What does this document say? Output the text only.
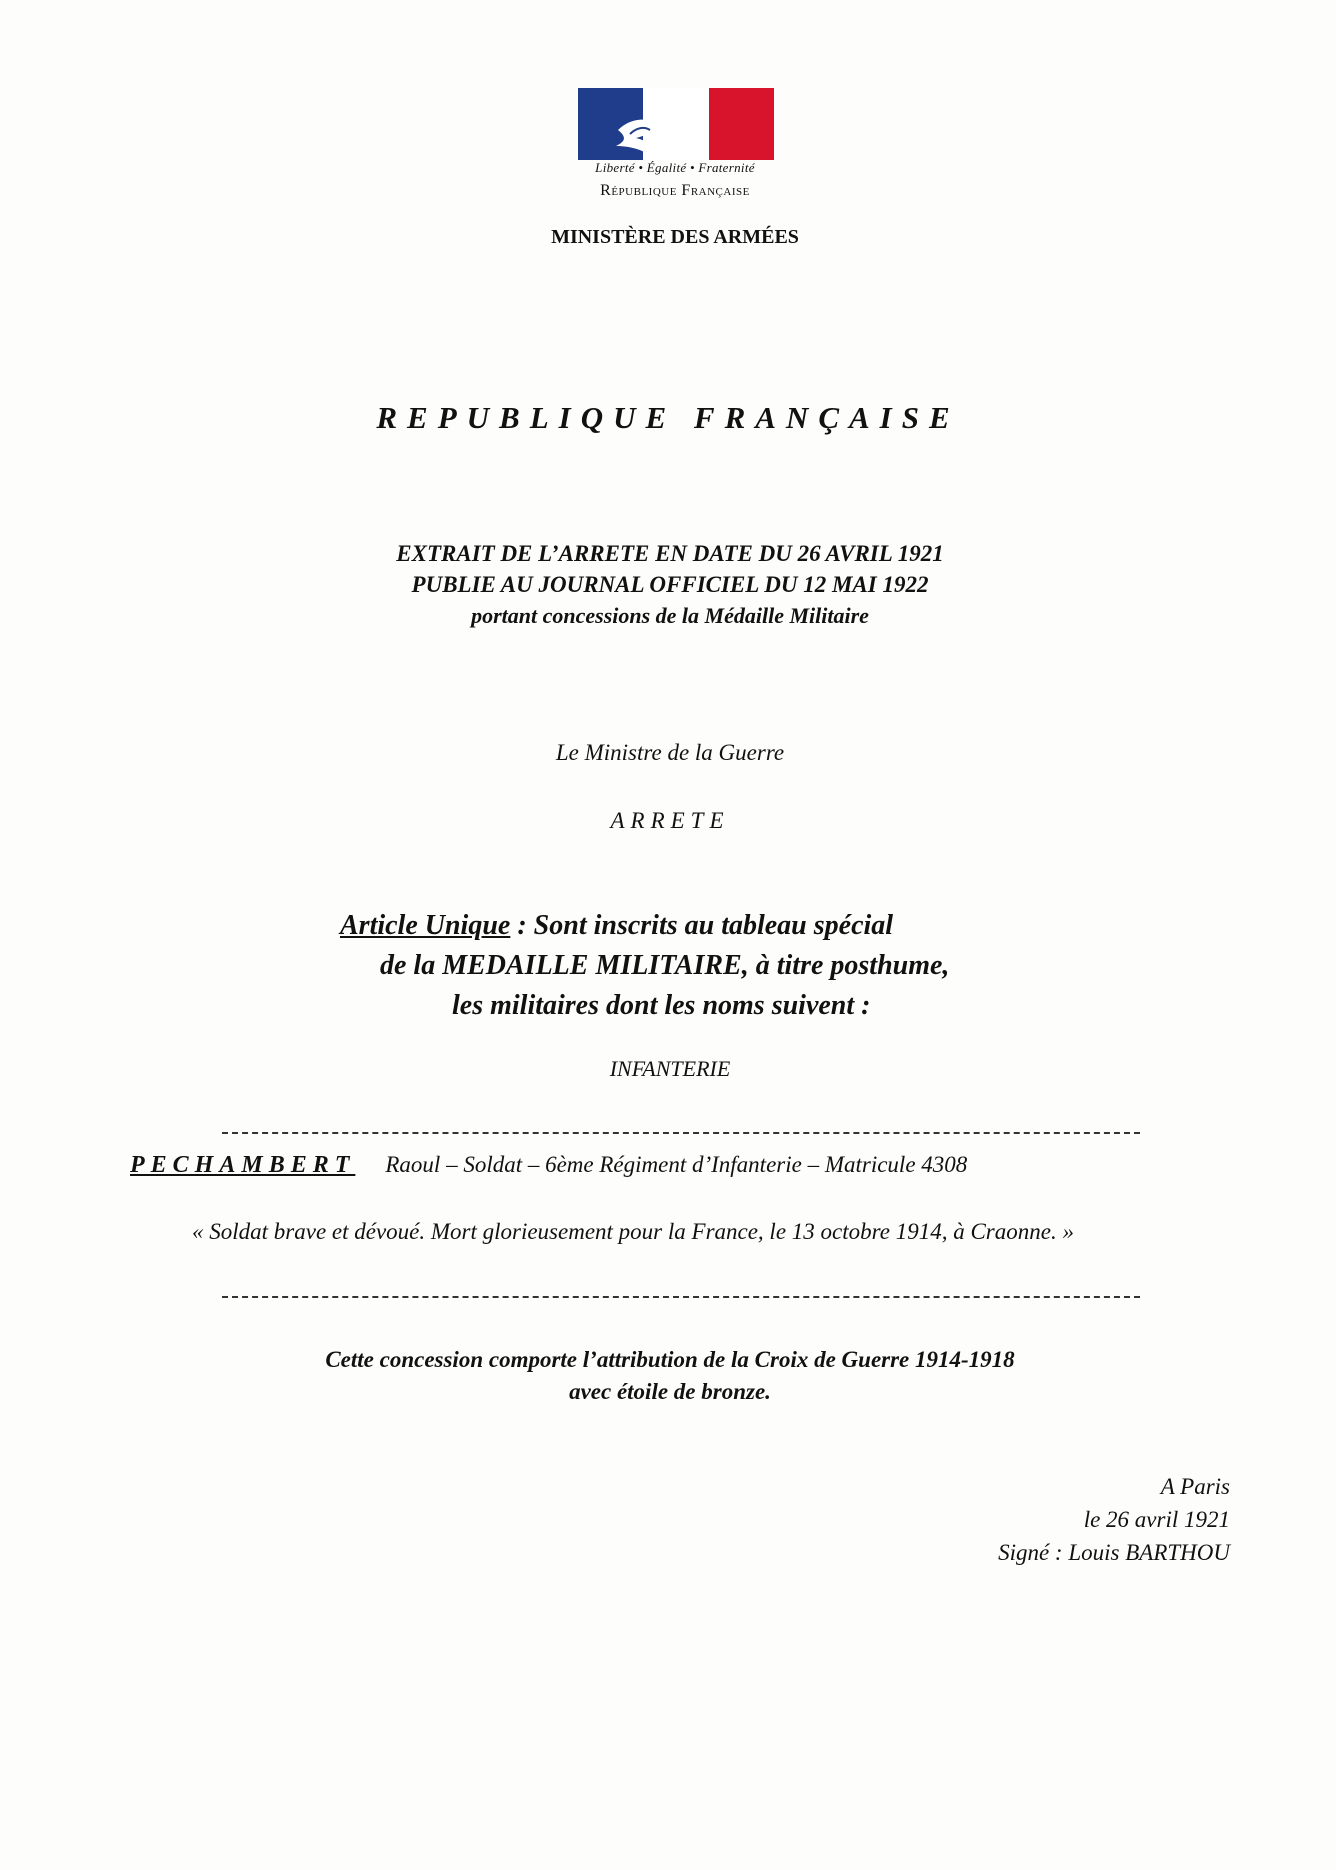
Liberté • Égalité • Fraternité
République Française
MINISTÈRE DES ARMÉES
REPUBLIQUE FRANÇAISE
EXTRAIT DE L’ARRETE EN DATE DU 26 AVRIL 1921
PUBLIE AU JOURNAL OFFICIEL DU 12 MAI 1922
portant concessions de la Médaille Militaire
Le Ministre de la Guerre
ARRETE
Article Unique : Sont inscrits au tableau spécial
de la MEDAILLE MILITAIRE, à titre posthume,
les militaires dont les noms suivent :
INFANTERIE
PECHAMBERT Raoul – Soldat – 6ème Régiment d’Infanterie – Matricule 4308
« Soldat brave et dévoué. Mort glorieusement pour la France, le 13 octobre 1914, à Craonne. »
Cette concession comporte l’attribution de la Croix de Guerre 1914-1918
avec étoile de bronze.
A Paris
le 26 avril 1921
Signé : Louis BARTHOU
